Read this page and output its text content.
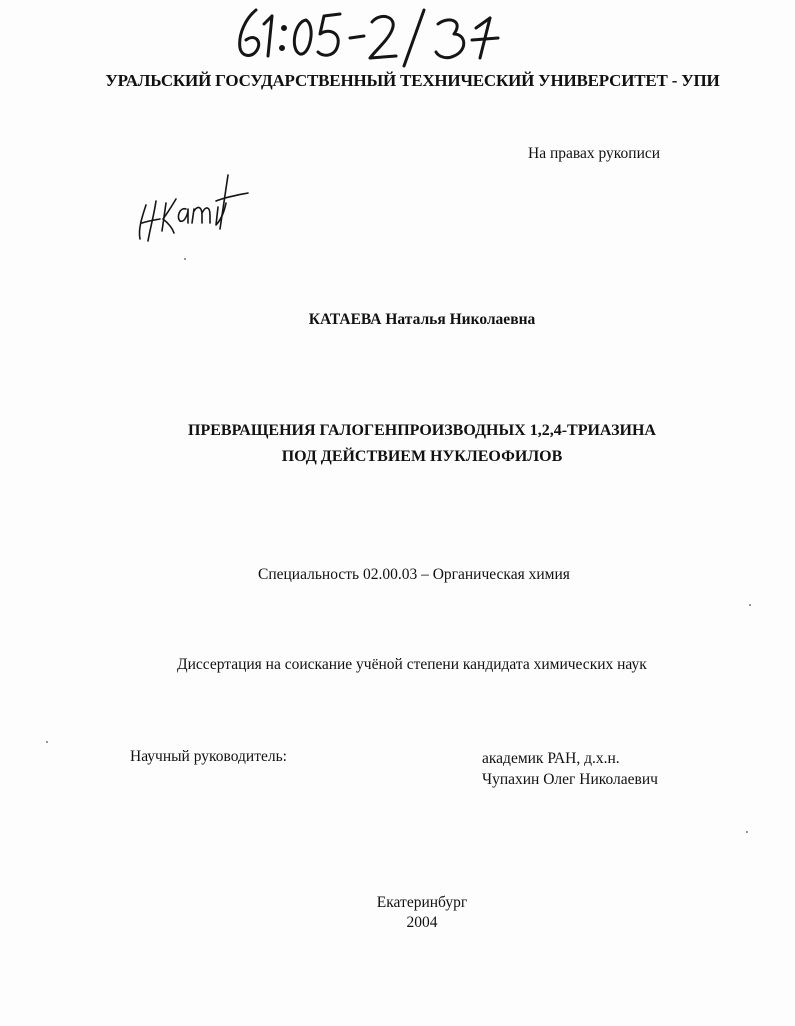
УРАЛЬСКИЙ ГОСУДАРСТВЕННЫЙ ТЕХНИЧЕСКИЙ УНИВЕРСИТЕТ - УПИ
На правах рукописи
КАТАЕВА Наталья Николаевна
ПРЕВРАЩЕНИЯ ГАЛОГЕНПРОИЗВОДНЫХ 1,2,4-ТРИАЗИНА
ПОД ДЕЙСТВИЕМ НУКЛЕОФИЛОВ
Специальность 02.00.03 – Органическая химия
Диссертация на соискание учёной степени кандидата химических наук
Научный руководитель:	академик РАН, д.х.н.
Чупахин Олег Николаевич
Екатеринбург
2004
